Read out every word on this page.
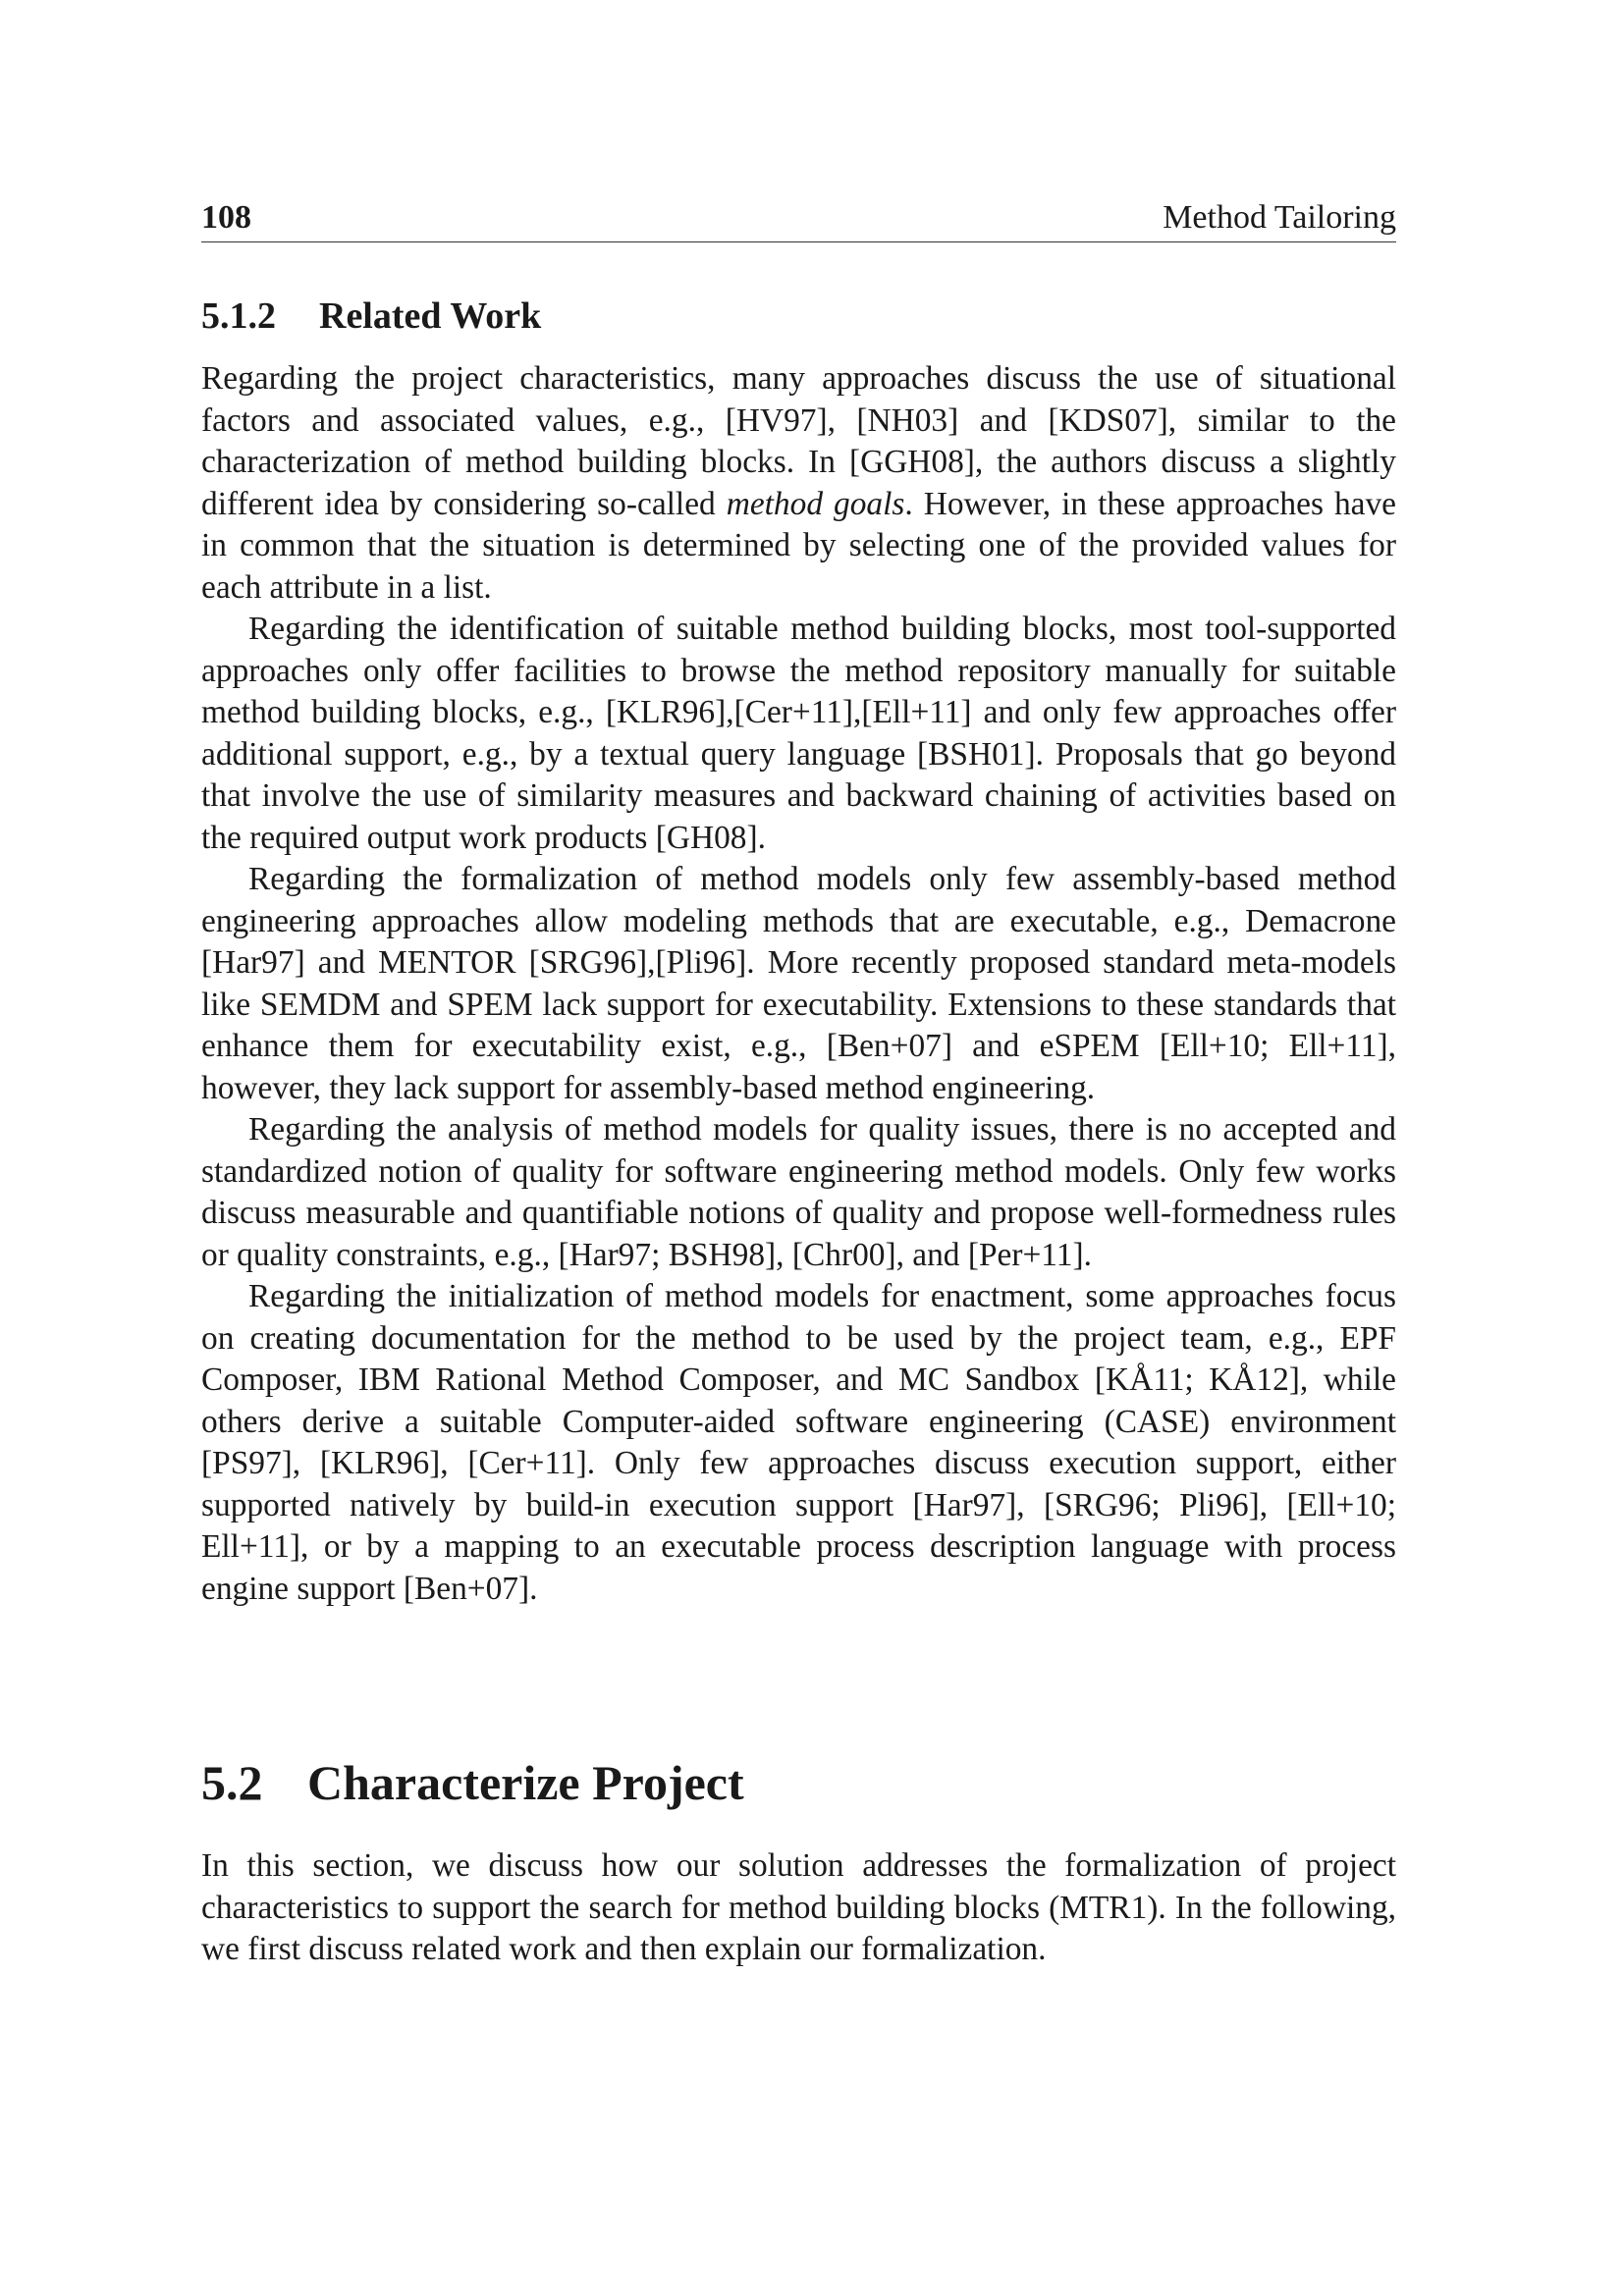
108	Method Tailoring
5.1.2 Related Work

Regarding the project characteristics, many approaches discuss the use of situational factors and associated values, e.g., [HV97], [NH03] and [KDS07], similar to the characterization of method building blocks. In [GGH08], the authors discuss a slightly different idea by considering so-called method goals. However, in these approaches have in common that the situation is determined by selecting one of the provided values for each attribute in a list.

Regarding the identification of suitable method building blocks, most tool-supported approaches only offer facilities to browse the method repository manually for suitable method building blocks, e.g., [KLR96],[Cer+11],[Ell+11] and only few approaches offer additional support, e.g., by a textual query language [BSH01]. Proposals that go beyond that involve the use of similarity measures and backward chaining of activities based on the required output work products [GH08].

Regarding the formalization of method models only few assembly-based method engineering approaches allow modeling methods that are executable, e.g., Demacrone [Har97] and MENTOR [SRG96],[Pli96]. More recently proposed standard meta-models like SEMDM and SPEM lack support for executability. Extensions to these standards that enhance them for executability exist, e.g., [Ben+07] and eSPEM [Ell+10; Ell+11], however, they lack support for assembly-based method engineering.

Regarding the analysis of method models for quality issues, there is no accepted and standardized notion of quality for software engineering method models. Only few works discuss measurable and quantifiable notions of quality and propose well-formedness rules or quality constraints, e.g., [Har97; BSH98], [Chr00], and [Per+11].

Regarding the initialization of method models for enactment, some approaches focus on creating documentation for the method to be used by the project team, e.g., EPF Composer, IBM Rational Method Composer, and MC Sandbox [KÅ11; KÅ12], while others derive a suitable Computer-aided software engineering (CASE) environment [PS97], [KLR96], [Cer+11]. Only few approaches discuss execution support, either supported natively by build-in execution support [Har97], [SRG96; Pli96], [Ell+10; Ell+11], or by a mapping to an executable process description language with process engine support [Ben+07].

5.2 Characterize Project

In this section, we discuss how our solution addresses the formalization of project characteristics to support the search for method building blocks (MTR1). In the following, we first discuss related work and then explain our formalization.
